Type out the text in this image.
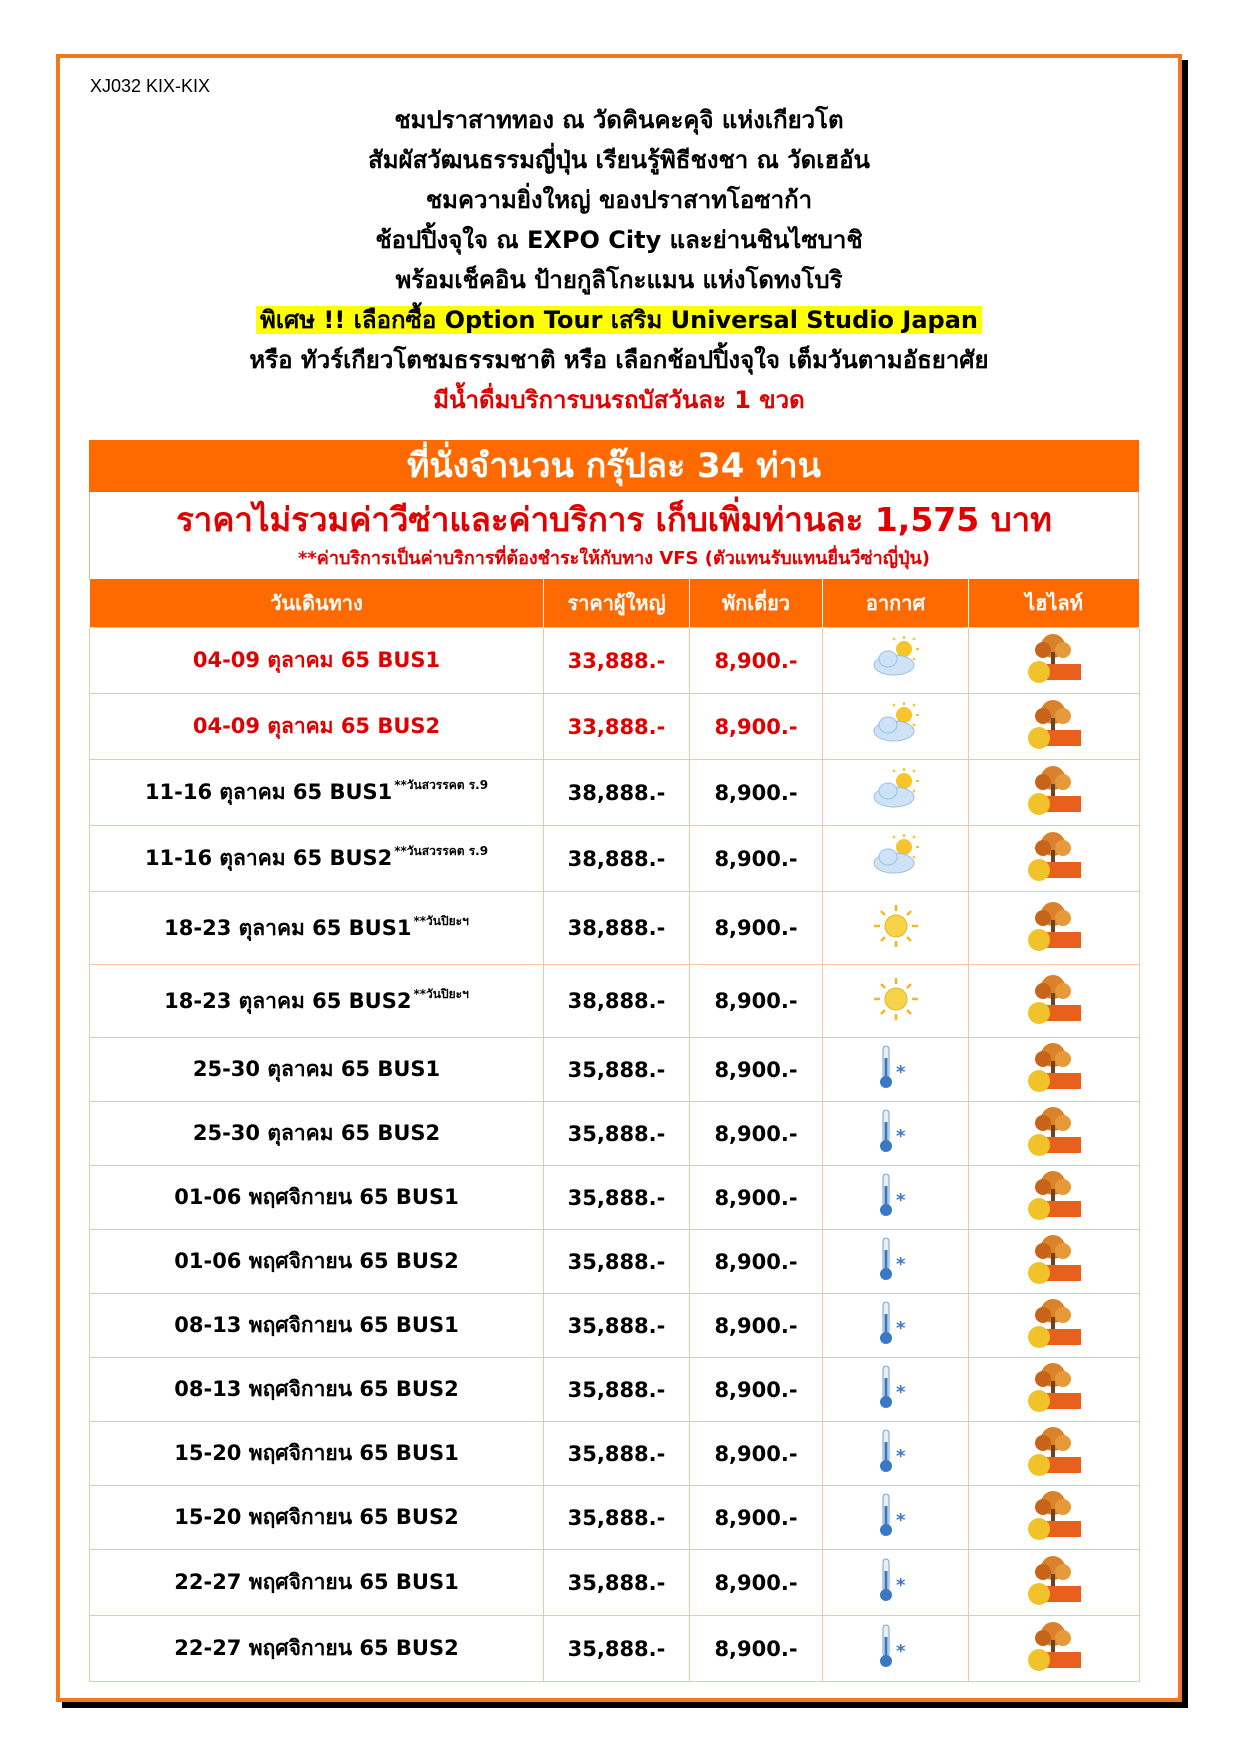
XJ032 KIX-KIX
ชมปราสาททอง ณ วัดคินคะคุจิ แห่งเกียวโต
สัมผัสวัฒนธรรมญี่ปุ่น เรียนรู้พิธีชงชา ณ วัดเฮอัน
ชมความยิ่งใหญ่ ของปราสาทโอซาก้า
ช้อปปิ้งจุใจ ณ EXPO City และย่านชินไซบาชิ
พร้อมเช็คอิน ป้ายกูลิโกะแมน แห่งโดทงโบริ
พิเศษ !! เลือกซื้อ Option Tour เสริม Universal Studio Japan
หรือ ทัวร์เกียวโตชมธรรมชาติ หรือ เลือกช้อปปิ้งจุใจ เต็มวันตามอัธยาศัย
มีน้ำดื่มบริการบนรถบัสวันละ 1 ขวด
ที่นั่งจำนวน กรุ๊ปละ 34 ท่าน
ราคาไม่รวมค่าวีซ่าและค่าบริการ เก็บเพิ่มท่านละ 1,575 บาท
**ค่าบริการเป็นค่าบริการที่ต้องชำระให้กับทาง VFS (ตัวแทนรับแทนยื่นวีซ่าญี่ปุ่น)
วันเดินทาง	ราคาผู้ใหญ่	พักเดี่ยว	อากาศ	ไฮไลท์
04-09 ตุลาคม 65 BUS1	33,888.-	8,900.-		
04-09 ตุลาคม 65 BUS2	33,888.-	8,900.-		
11-16 ตุลาคม 65 BUS1 $^{**วันสวรรคต ร.9}$	38,888.-	8,900.-		
11-16 ตุลาคม 65 BUS2 $^{**วันสวรรคต ร.9}$	38,888.-	8,900.-		
18-23 ตุลาคม 65 BUS1 $^{**วันปิยะฯ}$	38,888.-	8,900.-		
18-23 ตุลาคม 65 BUS2 $^{**วันปิยะฯ}$	38,888.-	8,900.-		
25-30 ตุลาคม 65 BUS1	35,888.-	8,900.-	*

25-30 ตุลาคม 65 BUS2	35,888.-	8,900.-	*

01-06 พฤศจิกายน 65 BUS1	35,888.-	8,900.-	*

01-06 พฤศจิกายน 65 BUS2	35,888.-	8,900.-	*

08-13 พฤศจิกายน 65 BUS1	35,888.-	8,900.-	*

08-13 พฤศจิกายน 65 BUS2	35,888.-	8,900.-	*

15-20 พฤศจิกายน 65 BUS1	35,888.-	8,900.-	*

15-20 พฤศจิกายน 65 BUS2	35,888.-	8,900.-	*

22-27 พฤศจิกายน 65 BUS1	35,888.-	8,900.-	*

22-27 พฤศจิกายน 65 BUS2	35,888.-	8,900.-	*
